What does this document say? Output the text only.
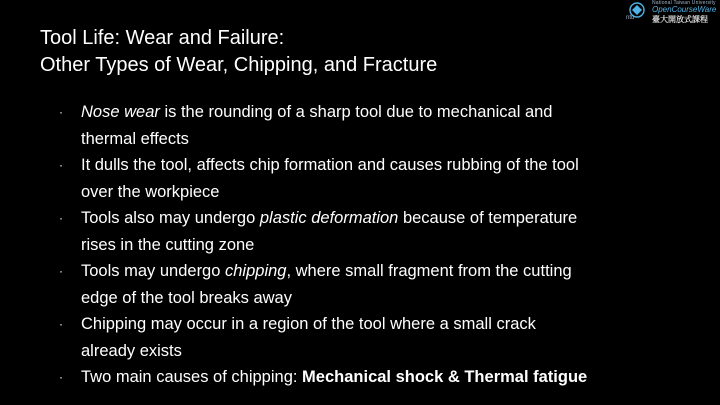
National Taiwan University
OpenCourseWare
ntu 臺大開放式課程
Tool Life: Wear and Failure:
Other Types of Wear, Chipping, and Fracture
· Nose wear is the rounding of a sharp tool due to mechanical and
thermal effects
· It dulls the tool, affects chip formation and causes rubbing of the tool
over the workpiece
· Tools also may undergo plastic deformation because of temperature
rises in the cutting zone
· Tools may undergo chipping, where small fragment from the cutting
edge of the tool breaks away
· Chipping may occur in a region of the tool where a small crack
already exists
· Two main causes of chipping: Mechanical shock & Thermal fatigue
